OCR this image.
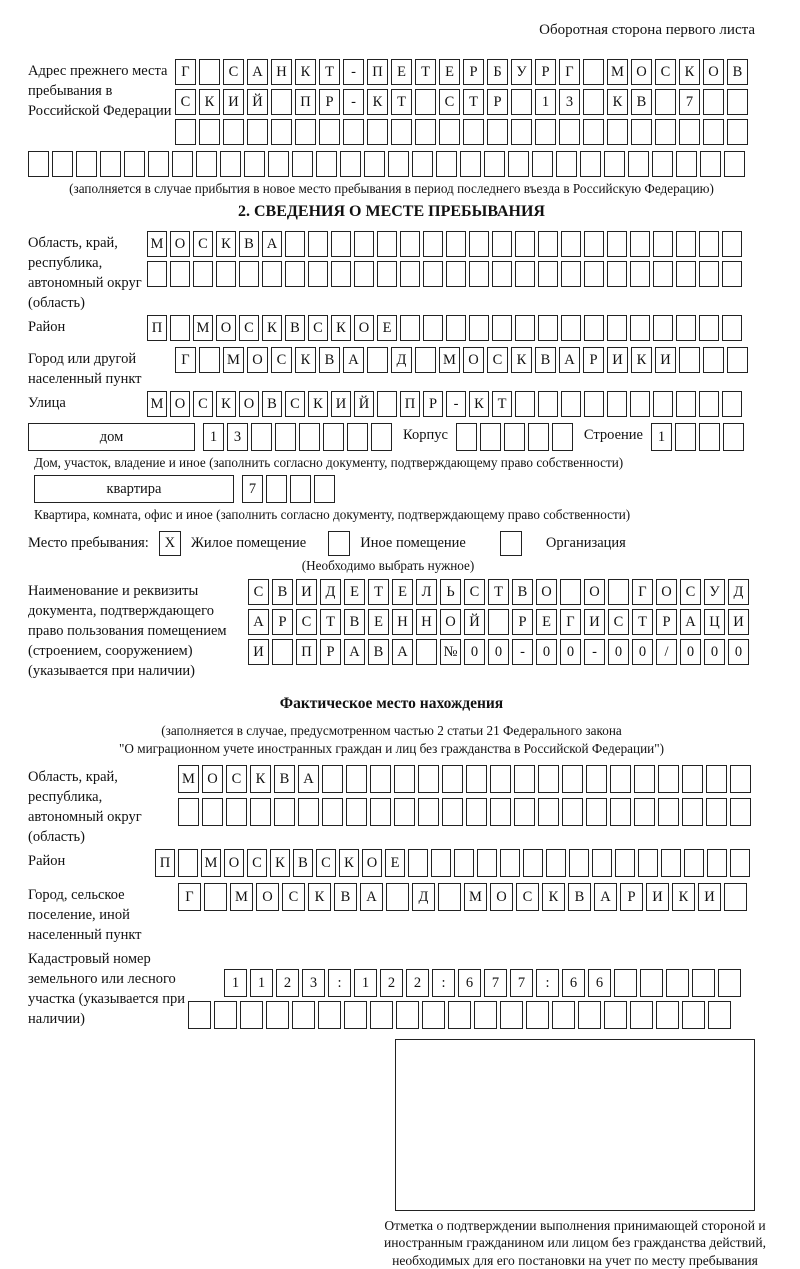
Оборотная сторона первого листа
Адрес прежнего места пребывания в Российской Федерации
Г	С А Н К	Т	-	П Е	Т	Е	Р	Б	У	Р	Г	М О С К О В
С К И Й	П	Р	-	К	Т	С	Т	Р	1	3	К В	7
(заполняется в случае прибытия в новое место пребывания в период последнего въезда в Российскую Федерацию)
2. СВЕДЕНИЯ О МЕСТЕ ПРЕБЫВАНИЯ
Область, край, республика, автономный округ (область)
М О С К В А
Район	П	М О С К В С К О Е
Город или другой населенный пункт
Г	М О С К В А	Д	М О С К В А	Р	И К И
Улица	М О С К О В С К И Й	П Р	-	К Т
дом	1	3	Корпус	Строение	1
Дом, участок, владение и иное (заполнить согласно документу, подтверждающему право собственности)
квартира	7
Квартира, комната, офис и иное (заполнить согласно документу, подтверждающему право собственности)
Место пребывания:	X	Жилое помещение	Иное помещение	Организация
(Необходимо выбрать нужное)
Наименование и реквизиты документа, подтверждающего право пользования помещением (строением, сооружением) (указывается при наличии)
С В И Д	Е	Т	Е	Л	Ь	С	Т	В О	О	Г	О С У Д
А	Р	С	Т	В	Е Н Н О Й	Р	Е	Г	И С	Т	Р	А Ц И
И	П	Р	А В А	№ 0	0	-	0	0	-	0	0	/	0	0	0
Фактическое место нахождения
(заполняется в случае, предусмотренном частью 2 статьи 21 Федерального закона
"О миграционном учете иностранных граждан и лиц без гражданства в Российской Федерации")
Область, край, республика, автономный округ (область)
М О С К В А
Район	П	М О С К В С К О Е
Город, сельское поселение, иной населенный пункт
Г	М О	С	К	В	А	Д	М О	С	К	В	А	Р	И	К	И
Кадастровый номер земельного или лесного участка (указывается при наличии)
1	1	2	3	:	1	2	2	:	6	7	7	:	6	6
Отметка о подтверждении выполнения принимающей стороной и иностранным гражданином или лицом без гражданства действий, необходимых для его постановки на учет по месту пребывания
